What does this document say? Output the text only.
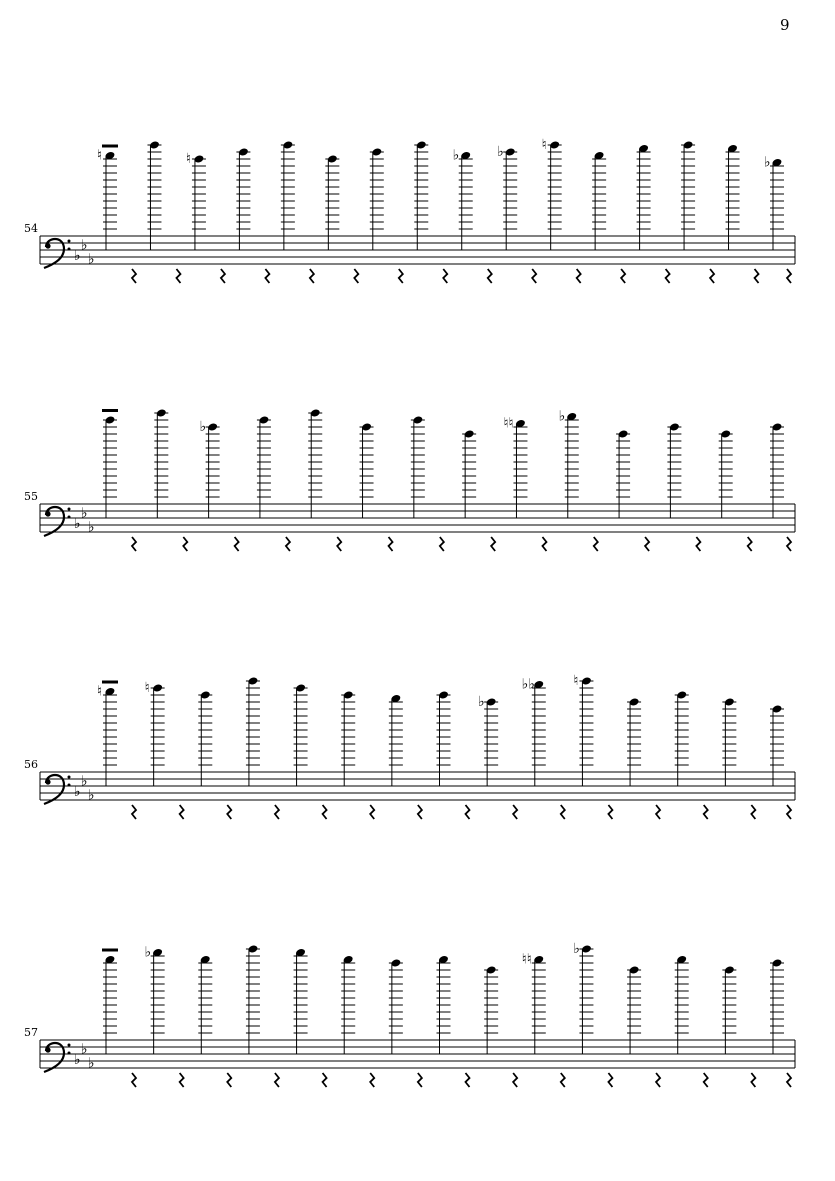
9
54
♭
♭
♭
♮	♮	♭	♭	♮
♭
55
♭
♭
♭
♭	♮♮	♭
56
♭
♭
♭
♮	♮
♭
♭♭	♮
57
♭
♭
♭
♭	♮♮
♭
